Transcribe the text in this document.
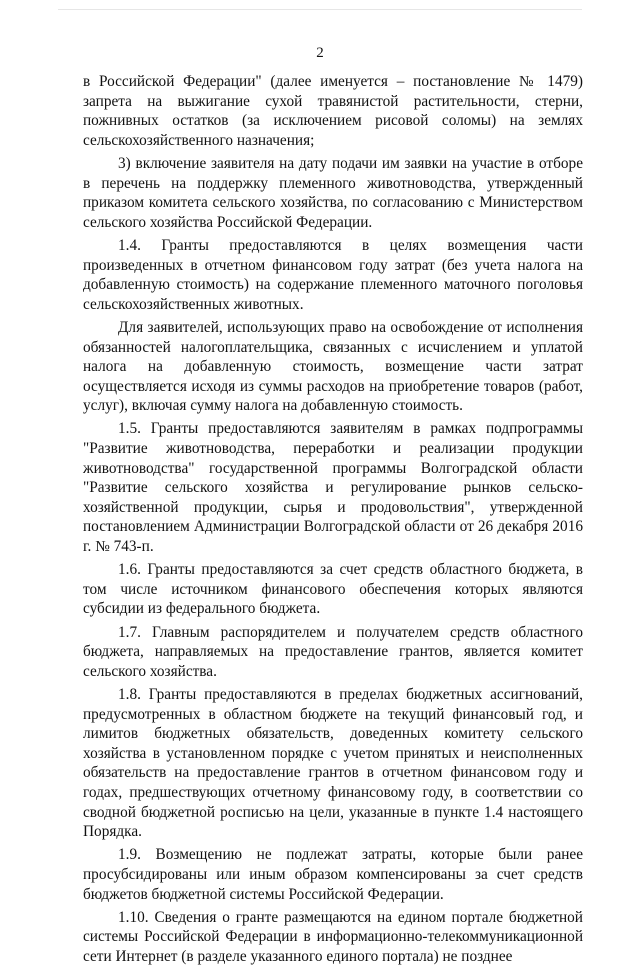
2

в Российской Федерации" (далее именуется – постановление № 1479) запрета на выжигание сухой травянистой растительности, стерни, пожнивных остатков (за исключением рисовой соломы) на землях сельскохозяйственного назначения;

3) включение заявителя на дату подачи им заявки на участие в отборе в перечень на поддержку племенного животноводства, утвержденный приказом комитета сельского хозяйства, по согласованию с Министерством сельского хозяйства Российской Федерации.

1.4. Гранты предоставляются в целях возмещения части произведенных в отчетном финансовом году затрат (без учета налога на добавленную стоимость) на содержание племенного маточного поголовья сельскохозяйственных животных.

Для заявителей, использующих право на освобождение от исполнения обязанностей налогоплательщика, связанных с исчислением и уплатой налога на добавленную стоимость, возмещение части затрат осуществляется исходя из суммы расходов на приобретение товаров (работ, услуг), включая сумму налога на добавленную стоимость.

1.5. Гранты предоставляются заявителям в рамках подпрограммы "Развитие животноводства, переработки и реализации продукции животноводства" государственной программы Волгоградской области "Развитие сельского хозяйства и регулирование рынков сельско-хозяйственной продукции, сырья и продовольствия", утвержденной постановлением Администрации Волгоградской области от 26 декабря 2016 г. № 743-п.

1.6. Гранты предоставляются за счет средств областного бюджета, в том числе источником финансового обеспечения которых являются субсидии из федерального бюджета.

1.7. Главным распорядителем и получателем средств областного бюджета, направляемых на предоставление грантов, является комитет сельского хозяйства.

1.8. Гранты предоставляются в пределах бюджетных ассигнований, предусмотренных в областном бюджете на текущий финансовый год, и лимитов бюджетных обязательств, доведенных комитету сельского хозяйства в установленном порядке с учетом принятых и неисполненных обязательств на предоставление грантов в отчетном финансовом году и годах, предшествующих отчетному финансовому году, в соответствии со сводной бюджетной росписью на цели, указанные в пункте 1.4 настоящего Порядка.

1.9. Возмещению не подлежат затраты, которые были ранее просубсидированы или иным образом компенсированы за счет средств бюджетов бюджетной системы Российской Федерации.

1.10. Сведения о гранте размещаются на едином портале бюджетной системы Российской Федерации в информационно-телекоммуникационной сети Интернет (в разделе указанного единого портала) не позднее
